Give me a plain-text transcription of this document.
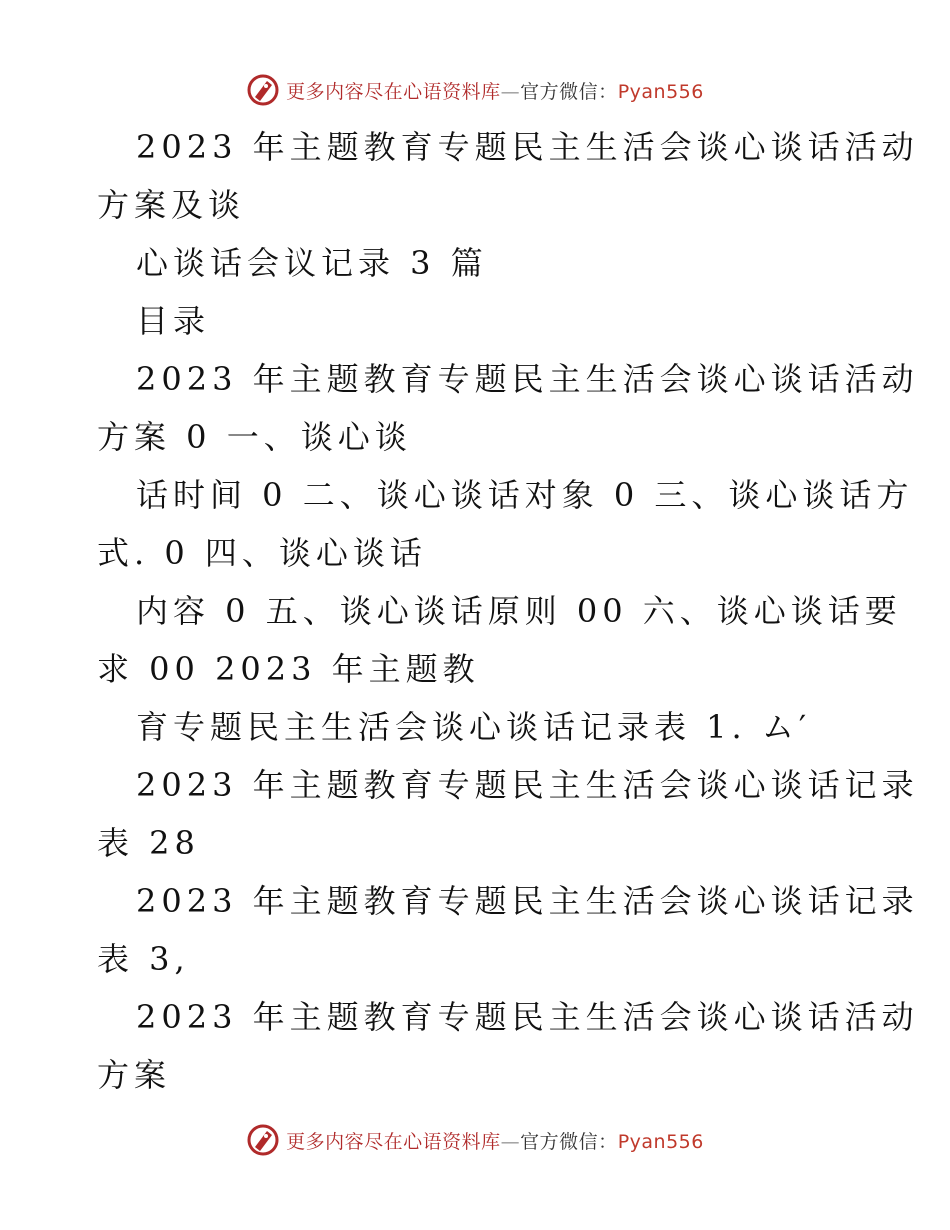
更多内容尽在心语资料库—官方微信：Pyan556
2023 年主题教育专题民主生活会谈心谈话活动
方案及谈
心谈话会议记录 3 篇
目录
2023 年主题教育专题民主生活会谈心谈话活动
方案 0 一、谈心谈
话时间 0 二、谈心谈话对象 0 三、谈心谈话方
式. 0 四、谈心谈话
内容 0 五、谈心谈话原则 00 六、谈心谈话要
求 00 2023 年主题教
育专题民主生活会谈心谈话记录表 1. ム′
2023 年主题教育专题民主生活会谈心谈话记录
表 28
2023 年主题教育专题民主生活会谈心谈话记录
表 3,
2023 年主题教育专题民主生活会谈心谈话活动
方案
更多内容尽在心语资料库—官方微信：Pyan556
